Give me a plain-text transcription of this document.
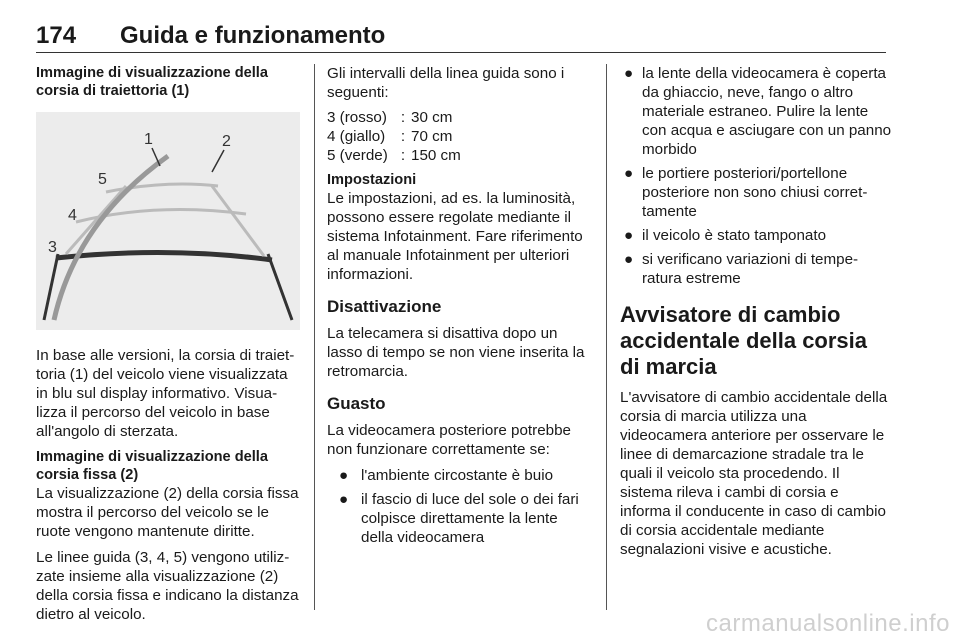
174 Guida e funzionamento
Immagine di visualizzazione della corsia di traiettoria (1)
1	2
3
4
5

In base alle versioni, la corsia di traiettoria (1) del veicolo viene visualizzata in blu sul display informativo. Visualizza il percorso del veicolo in base all'angolo di sterzata.

Immagine di visualizzazione della corsia fissa (2)

La visualizzazione (2) della corsia fissa mostra il percorso del veicolo se le ruote vengono mantenute diritte.

Le linee guida (3, 4, 5) vengono utilizzate insieme alla visualizzazione (2) della corsia fissa e indicano la distanza dietro al veicolo.

Gli intervalli della linea guida sono i seguenti:

3 (rosso)	:	30 cm
4 (giallo)	:	70 cm
5 (verde)	:	150 cm
Impostazioni

Le impostazioni, ad es. la luminosità, possono essere regolate mediante il sistema Infotainment. Fare riferimento al manuale Infotainment per ulteriori informazioni.

Disattivazione

La telecamera si disattiva dopo un lasso di tempo se non viene inserita la retromarcia.

Guasto

La videocamera posteriore potrebbe non funzionare correttamente se:

● l'ambiente circostante è buio
● il fascio di luce del sole o dei fari colpisce direttamente la lente della videocamera
● la lente della videocamera è coperta da ghiaccio, neve, fango o altro materiale estraneo. Pulire la lente con acqua e asciugare con un panno morbido
● le portiere posteriori/portellone posteriore non sono chiusi correttamente
● il veicolo è stato tamponato
● si verificano variazioni di temperatura estreme
Avvisatore di cambio accidentale della corsia di marcia

L'avvisatore di cambio accidentale della corsia di marcia utilizza una videocamera anteriore per osservare le linee di demarcazione stradale tra le quali il veicolo sta procedendo. Il sistema rileva i cambi di corsia e informa il conducente in caso di cambio di corsia accidentale mediante segnalazioni visive e acustiche.

carmanualsonline.info
